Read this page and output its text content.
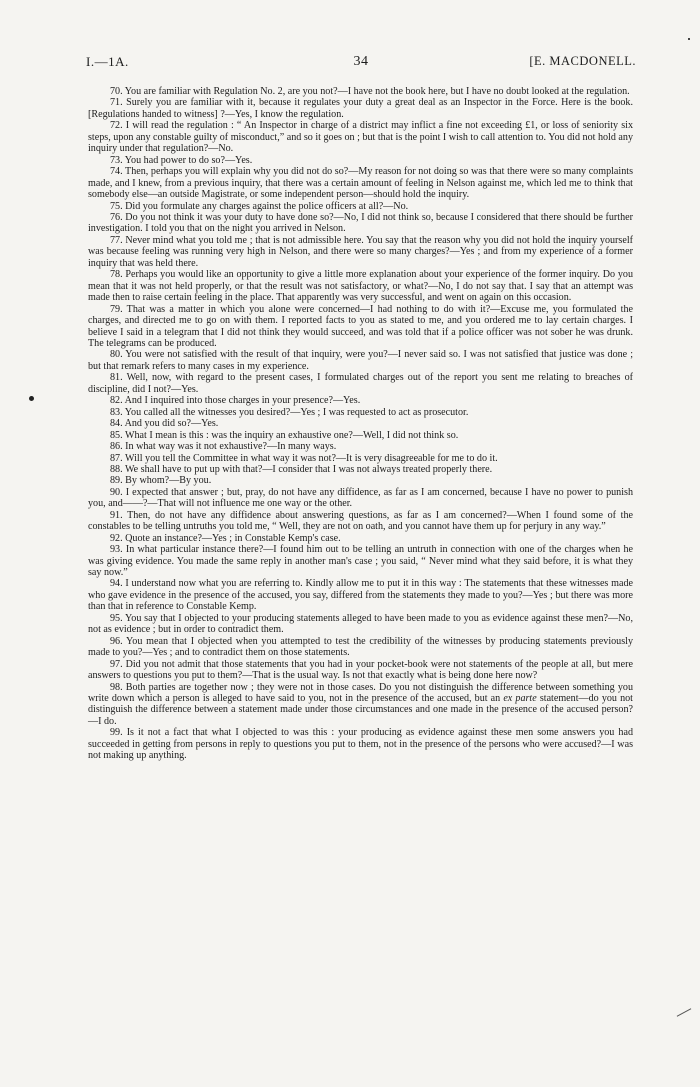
I.—1A.	34	[E. MACDONELL.

70. You are familiar with Regulation No. 2, are you not?—I have not the book here, but I have no doubt looked at the regulation.

71. Surely you are familiar with it, because it regulates your duty a great deal as an Inspector in the Force. Here is the book. [Regulations handed to witness] ?—Yes, I know the regulation.

72. I will read the regulation : “ An Inspector in charge of a district may inflict a fine not exceeding £1, or loss of seniority six steps, upon any constable guilty of misconduct,” and so it goes on ; but that is the point I wish to call attention to. You did not hold any inquiry under that regulation?—No.

73. You had power to do so?—Yes.

74. Then, perhaps you will explain why you did not do so?—My reason for not doing so was that there were so many complaints made, and I knew, from a previous inquiry, that there was a certain amount of feeling in Nelson against me, which led me to think that somebody else—an outside Magistrate, or some independent person—should hold the inquiry.

75. Did you formulate any charges against the police officers at all?—No.

76. Do you not think it was your duty to have done so?—No, I did not think so, because I considered that there should be further investigation. I told you that on the night you arrived in Nelson.

77. Never mind what you told me ; that is not admissible here. You say that the reason why you did not hold the inquiry yourself was because feeling was running very high in Nelson, and there were so many charges?—Yes ; and from my experience of a former inquiry that was held there.

78. Perhaps you would like an opportunity to give a little more explanation about your experience of the former inquiry. Do you mean that it was not held properly, or that the result was not satisfactory, or what?—No, I do not say that. I say that an attempt was made then to raise certain feeling in the place. That apparently was very successful, and went on again on this occasion.

79. That was a matter in which you alone were concerned—I had nothing to do with it?—Excuse me, you formulated the charges, and directed me to go on with them. I reported facts to you as stated to me, and you ordered me to lay certain charges. I believe I said in a telegram that I did not think they would succeed, and was told that if a police officer was not sober he was drunk. The telegrams can be produced.

80. You were not satisfied with the result of that inquiry, were you?—I never said so. I was not satisfied that justice was done ; but that remark refers to many cases in my experience.

81. Well, now, with regard to the present cases, I formulated charges out of the report you sent me relating to breaches of discipline, did I not?—Yes.

82. And I inquired into those charges in your presence?—Yes.

83. You called all the witnesses you desired?—Yes ; I was requested to act as prosecutor.

84. And you did so?—Yes.

85. What I mean is this : was the inquiry an exhaustive one?—Well, I did not think so.

86. In what way was it not exhaustive?—In many ways.

87. Will you tell the Committee in what way it was not?—It is very disagreeable for me to do it.

88. We shall have to put up with that?—I consider that I was not always treated properly there.

89. By whom?—By you.

90. I expected that answer ; but, pray, do not have any diffidence, as far as I am concerned, because I have no power to punish you, and——?—That will not influence me one way or the other.

91. Then, do not have any diffidence about answering questions, as far as I am concerned?—When I found some of the constables to be telling untruths you told me, “ Well, they are not on oath, and you cannot have them up for perjury in any way.”

92. Quote an instance?—Yes ; in Constable Kemp's case.

93. In what particular instance there?—I found him out to be telling an untruth in connection with one of the charges when he was giving evidence. You made the same reply in another man's case ; you said, “ Never mind what they said before, it is what they say now.”

94. I understand now what you are referring to. Kindly allow me to put it in this way : The statements that these witnesses made who gave evidence in the presence of the accused, you say, differed from the statements they made to you?—Yes ; but there was more than that in reference to Constable Kemp.

95. You say that I objected to your producing statements alleged to have been made to you as evidence against these men?—No, not as evidence ; but in order to contradict them.

96. You mean that I objected when you attempted to test the credibility of the witnesses by producing statements previously made to you?—Yes ; and to contradict them on those statements.

97. Did you not admit that those statements that you had in your pocket-book were not statements of the people at all, but mere answers to questions you put to them?—That is the usual way. Is not that exactly what is being done here now?

98. Both parties are together now ; they were not in those cases. Do you not distinguish the difference between something you write down which a person is alleged to have said to you, not in the presence of the accused, but an ex parte statement—do you not distinguish the difference between a statement made under those circumstances and one made in the presence of the accused person?—I do.

99. Is it not a fact that what I objected to was this : your producing as evidence against these men some answers you had succeeded in getting from persons in reply to questions you put to them, not in the presence of the persons who were accused?—I was not making up anything.
